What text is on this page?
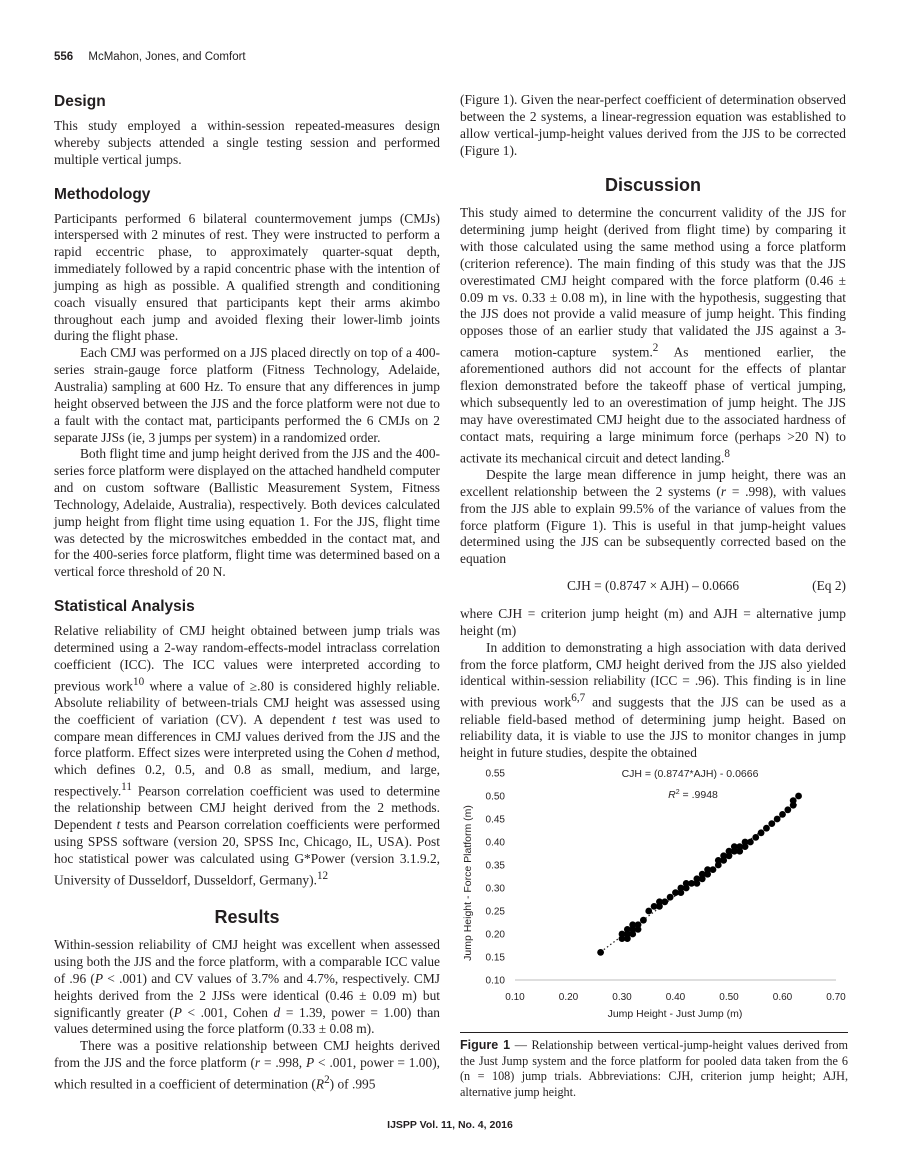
556 McMahon, Jones, and Comfort
Design

This study employed a within-session repeated-measures design whereby subjects attended a single testing session and performed multiple vertical jumps.

Methodology

Participants performed 6 bilateral countermovement jumps (CMJs) interspersed with 2 minutes of rest. They were instructed to perform a rapid eccentric phase, to approximately quarter-squat depth, immediately followed by a rapid concentric phase with the intention of jumping as high as possible. A qualified strength and conditioning coach visually ensured that participants kept their arms akimbo throughout each jump and avoided flexing their lower-limb joints during the flight phase.

Each CMJ was performed on a JJS placed directly on top of a 400-series strain-gauge force platform (Fitness Technology, Adelaide, Australia) sampling at 600 Hz. To ensure that any differences in jump height observed between the JJS and the force platform were not due to a fault with the contact mat, participants performed the 6 CMJs on 2 separate JJSs (ie, 3 jumps per system) in a randomized order.

Both flight time and jump height derived from the JJS and the 400-series force platform were displayed on the attached handheld computer and on custom software (Ballistic Measurement System, Fitness Technology, Adelaide, Australia), respectively. Both devices calculated jump height from flight time using equation 1. For the JJS, flight time was detected by the microswitches embedded in the contact mat, and for the 400-series force platform, flight time was determined based on a vertical force threshold of 20 N.

Statistical Analysis

Relative reliability of CMJ height obtained between jump trials was determined using a 2-way random-effects-model intraclass correlation coefficient (ICC). The ICC values were interpreted according to previous work$^{10}$ where a value of ≥.80 is considered highly reliable. Absolute reliability of between-trials CMJ height was assessed using the coefficient of variation (CV). A dependent t test was used to compare mean differences in CMJ values derived from the JJS and the force platform. Effect sizes were interpreted using the Cohen d method, which defines 0.2, 0.5, and 0.8 as small, medium, and large, respectively.$^{11}$ Pearson correlation coefficient was used to determine the relationship between CMJ height derived from the 2 methods. Dependent t tests and Pearson correlation coefficients were performed using SPSS software (version 20, SPSS Inc, Chicago, IL, USA). Post hoc statistical power was calculated using G*Power (version 3.1.9.2, University of Dusseldorf, Dusseldorf, Germany).$^{12}$

Results

Within-session reliability of CMJ height was excellent when assessed using both the JJS and the force platform, with a comparable ICC value of .96 (P < .001) and CV values of 3.7% and 4.7%, respectively. CMJ heights derived from the 2 JJSs were identical (0.46 ± 0.09 m) but significantly greater (P < .001, Cohen d = 1.39, power = 1.00) than values determined using the force platform (0.33 ± 0.08 m).

There was a positive relationship between CMJ heights derived from the JJS and the force platform (r = .998, P < .001, power = 1.00), which resulted in a coefficient of determination $(R^2)$ of .995

(Figure 1). Given the near-perfect coefficient of determination observed between the 2 systems, a linear-regression equation was established to allow vertical-jump-height values derived from the JJS to be corrected (Figure 1).

Discussion

This study aimed to determine the concurrent validity of the JJS for determining jump height (derived from flight time) by comparing it with those calculated using the same method using a force platform (criterion reference). The main finding of this study was that the JJS overestimated CMJ height compared with the force platform (0.46 ± 0.09 m vs. 0.33 ± 0.08 m), in line with the hypothesis, suggesting that the JJS does not provide a valid measure of jump height. This finding opposes those of an earlier study that validated the JJS against a 3-camera motion-capture system.$^2$ As mentioned earlier, the aforementioned authors did not account for the effects of plantar flexion demonstrated before the takeoff phase of vertical jumping, which subsequently led to an overestimation of jump height. The JJS may have overestimated CMJ height due to the associated hardness of contact mats, requiring a large minimum force (perhaps >20 N) to activate its mechanical circuit and detect landing.$^8$

Despite the large mean difference in jump height, there was an excellent relationship between the 2 systems (r = .998), with values from the JJS able to explain 99.5% of the variance of values from the force platform (Figure 1). This is useful in that jump-height values determined using the JJS can be subsequently corrected based on the equation

CJH = (0.8747 × AJH) – 0.0666	(Eq 2)

where CJH = criterion jump height (m) and AJH = alternative jump height (m)

In addition to demonstrating a high association with data derived from the force platform, CMJ height derived from the JJS also yielded identical within-session reliability (ICC = .96). This finding is in line with previous work$^{6,7}$ and suggests that the JJS can be used as a reliable field-based method of determining jump height. Based on reliability data, it is viable to use the JJS to monitor changes in jump height in future studies, despite the obtained

0.10	0.20	0.30	0.40	0.50	0.60	0.70
0.10
0.15
0.20
0.25
0.30
0.35
0.40
0.45
0.50
0.55	CJH = (0.8747*AJH) - 0.0666
$R^2 = .9948$
Jump Height - Just Jump (m)
Jump Height - Force Platform (m)
Figure 1 — Relationship between vertical-jump-height values derived from the Just Jump system and the force platform for pooled data taken from the 6 (n = 108) jump trials. Abbreviations: CJH, criterion jump height; AJH, alternative jump height.
IJSPP Vol. 11, No. 4, 2016
